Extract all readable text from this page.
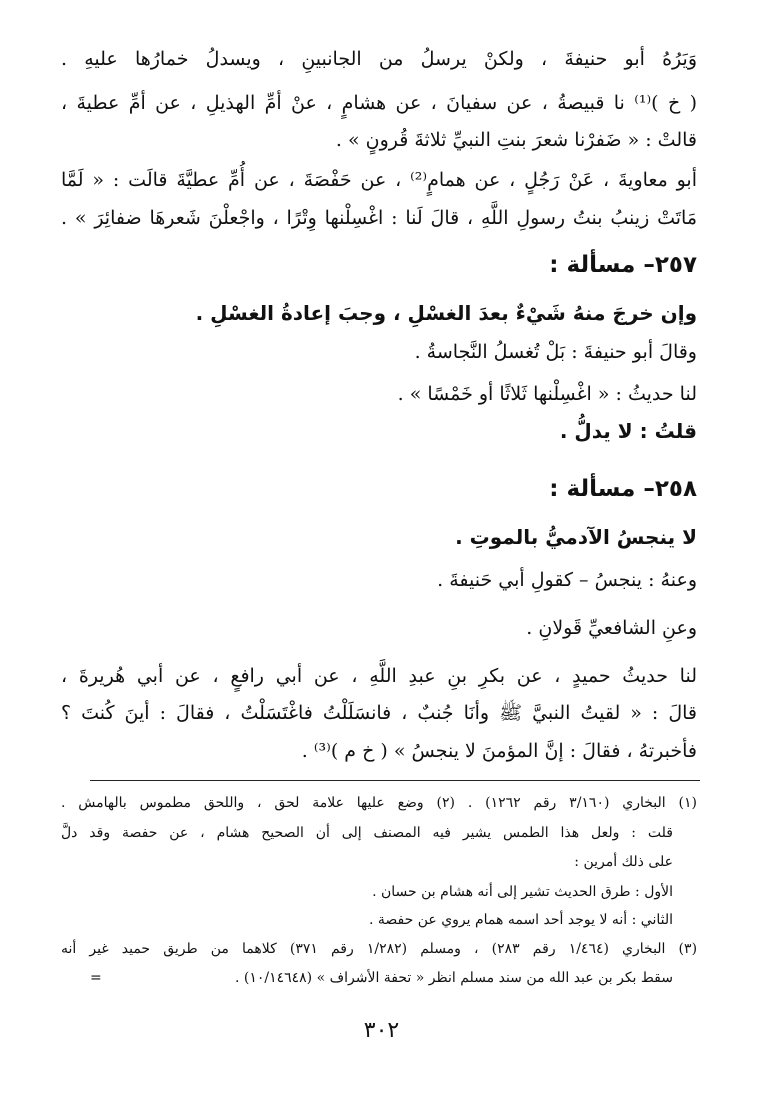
وَيَرُهُ أبو حنيفةَ ، ولكنْ يرسلُ من الجانبينِ ، ويسدلُ خمارُها عليهِ .
( خ )⁽¹⁾ نا قبيصةُ ، عن سفيانَ ، عن هشامٍ ، عنْ أمِّ الهذيلِ ، عن أمِّ عطيةَ ،
قالتْ : « ضَفرْنا شعرَ بنتِ النبيِّ ثلاثةَ قُرونٍ » .
أبو معاويةَ ، عَنْ رَجُلٍ ، عن همامٍ⁽²⁾ ، عن حَفْصَةَ ، عن أُمِّ عطيَّةَ قالَت : « لَمَّا
مَاتَتْ زينبُ بنتُ رسولِ اللَّهِ ، قالَ لَنا : اغْسِلْنها وِتْرًا ، واجْعلْنَ شَعرهَا ضفائِرَ » .
٢٥٧– مسألة :
وإن خرجَ منهُ شَيْءٌ بعدَ الغسْلِ ، وجبَ إعادةُ الغسْلِ .
وقالَ أبو حنيفةَ : بَلْ تُغسلُ النَّجاسةُ .
لنا حديثُ : « اغْسِلْنها ثَلاثًا أو خَمْسًا » .
قلتُ : لا يدلُّ .
٢٥٨– مسألة :
لا ينجسُ الآدميُّ بالموتِ .
وعنهُ : ينجسُ – كقولِ أبي حَنيفةَ .
وعنِ الشافعيِّ قَولانِ .
لنا حديثُ حميدٍ ، عن بكرِ بنِ عبدِ اللَّهِ ، عن أبي رافعٍ ، عن أبي هُريرةَ ،
قالَ : « لقيتُ النبيَّ ﷺ وأنَا جُنبٌ ، فانسَلَلْتُ فاغْتَسَلْتُ ، فقالَ : أينَ كُنتَ ؟
فأخبرتهُ ، فقالَ : إنَّ المؤمنَ لا ينجسُ » ( خ م )⁽³⁾ .
(١) البخاري (٣/١٦٠ رقم ١٢٦٢) . (٢) وضع عليها علامة لحق ، واللحق مطموس بالهامش .
قلت : ولعل هذا الطمس يشير فيه المصنف إلى أن الصحيح هشام ، عن حفصة وقد دلَّ
على ذلك أمرين :
الأول : طرق الحديث تشير إلى أنه هشام بن حسان .
الثاني : أنه لا يوجد أحد اسمه همام يروي عن حفصة .
(٣) البخاري (١/٤٦٤ رقم ٢٨٣) ، ومسلم (١/٢٨٢ رقم ٣٧١) كلاهما من طريق حميد غير أنه
سقط بكر بن عبد الله من سند مسلم انظر « تحفة الأشراف » (١٠/١٤٦٤٨) .
=
٣٠٢
